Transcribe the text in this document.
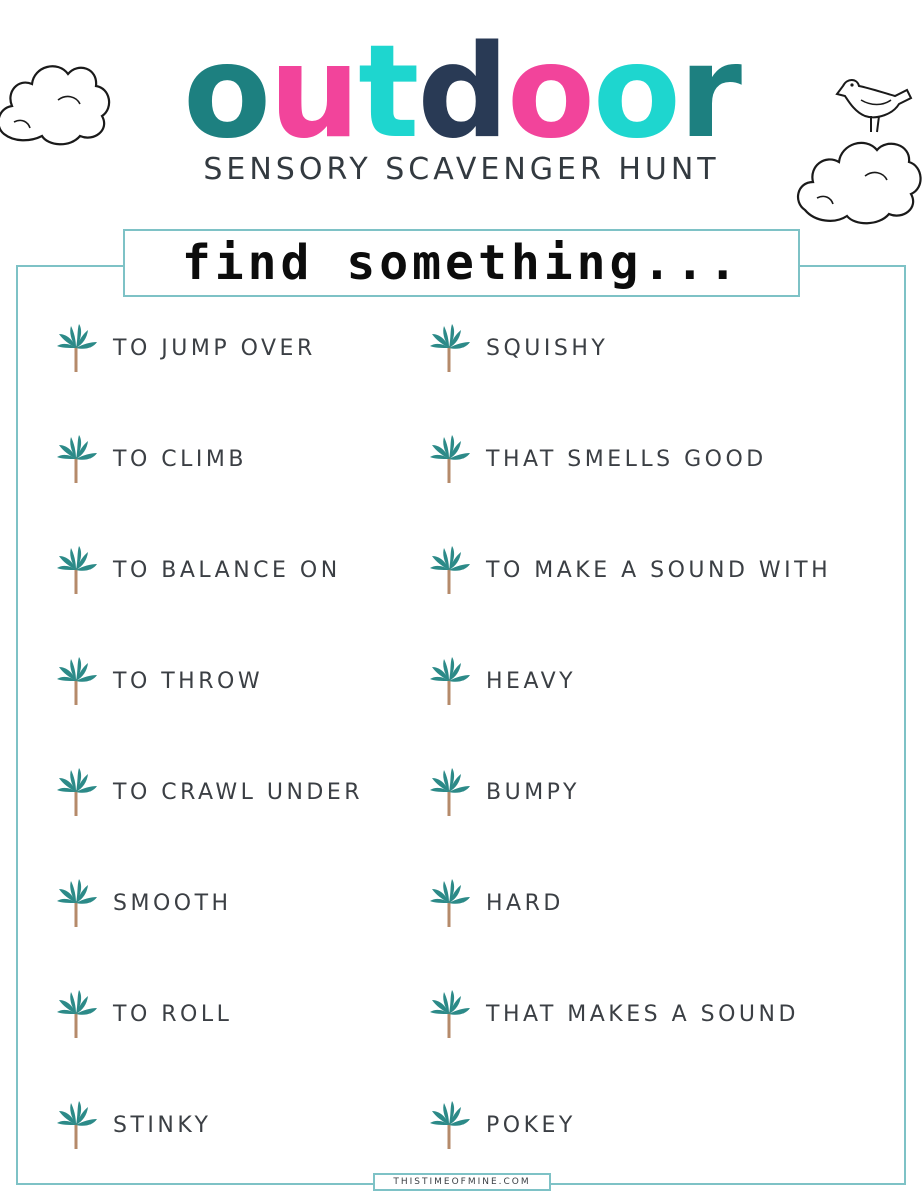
outdoor
SENSORY SCAVENGER HUNT
find something...
TO JUMP OVER
TO CLIMB
TO BALANCE ON
TO THROW
TO CRAWL UNDER
SMOOTH
TO ROLL
STINKY
SQUISHY
THAT SMELLS GOOD
TO MAKE A SOUND WITH
HEAVY
BUMPY
HARD
THAT MAKES A SOUND
POKEY
THISTIMEOFMINE.COM
